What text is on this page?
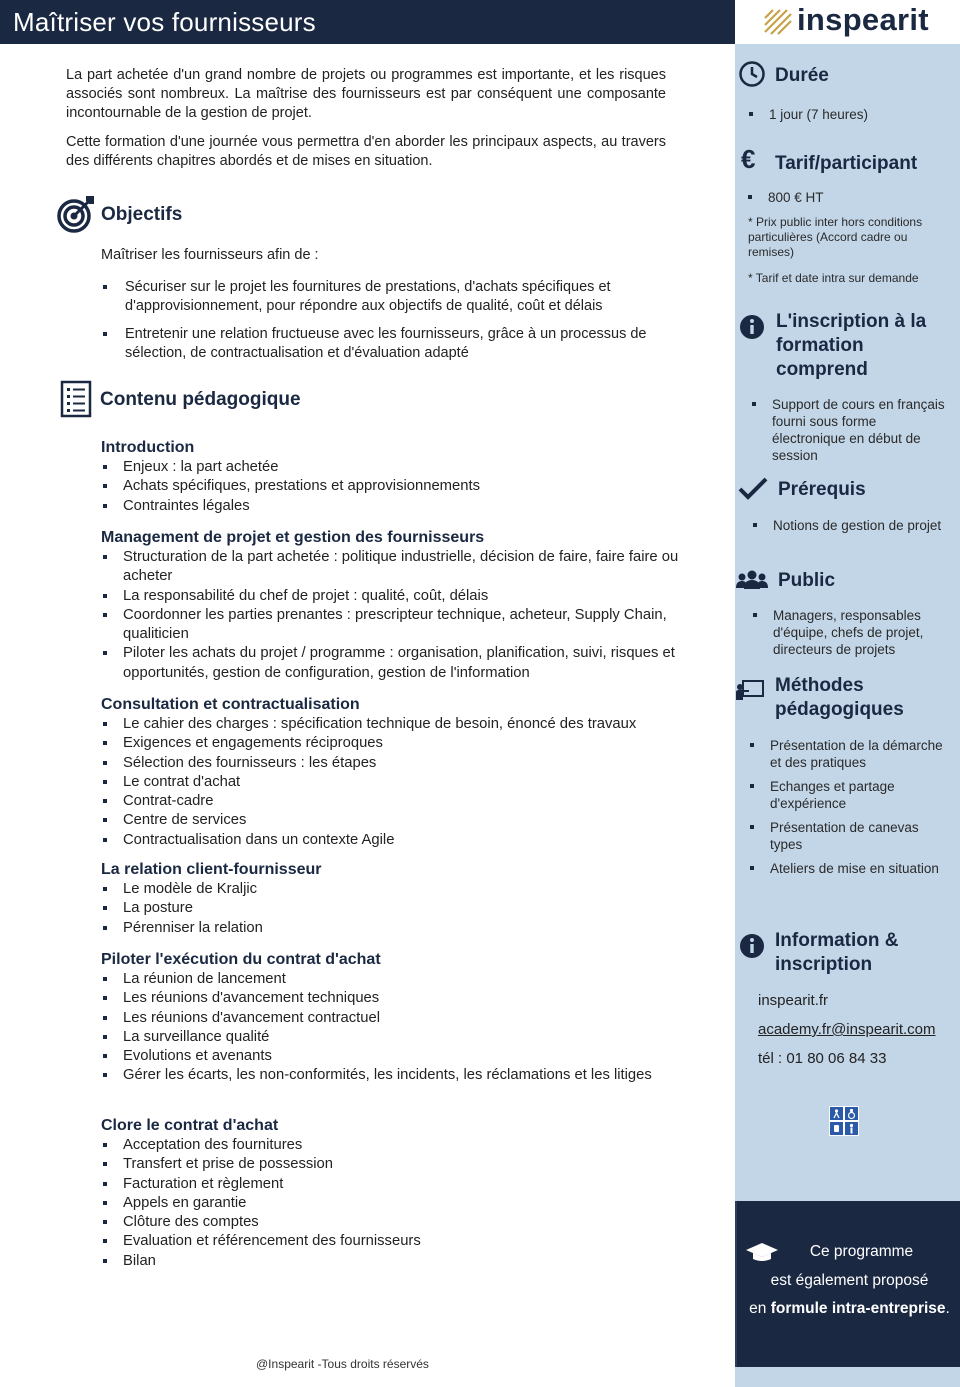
Maîtriser vos fournisseurs	inspearit

La part achetée d'un grand nombre de projets ou programmes est importante, et les risques associés sont nombreux. La maîtrise des fournisseurs est par conséquent une composante incontournable de la gestion de projet.

Cette formation d'une journée vous permettra d'en aborder les principaux aspects, au travers des différents chapitres abordés et de mises en situation.

Objectifs
Maîtriser les fournisseurs afin de :
Sécuriser sur le projet les fournitures de prestations, d'achats spécifiques et d'approvisionnement, pour répondre aux objectifs de qualité, coût et délais
Entretenir une relation fructueuse avec les fournisseurs, grâce à un processus de sélection, de contractualisation et d'évaluation adapté
Contenu pédagogique
Introduction
Enjeux : la part achetée
Achats spécifiques, prestations et approvisionnements
Contraintes légales
Management de projet et gestion des fournisseurs
Structuration de la part achetée : politique industrielle, décision de faire, faire faire ou acheter
La responsabilité du chef de projet : qualité, coût, délais
Coordonner les parties prenantes : prescripteur technique, acheteur, Supply Chain, qualiticien
Piloter les achats du projet / programme : organisation, planification, suivi, risques et opportunités, gestion de configuration, gestion de l'information
Consultation et contractualisation
Le cahier des charges : spécification technique de besoin, énoncé des travaux
Exigences et engagements réciproques
Sélection des fournisseurs : les étapes
Le contrat d'achat
Contrat-cadre
Centre de services
Contractualisation dans un contexte Agile
La relation client-fournisseur
Le modèle de Kraljic
La posture
Pérenniser la relation
Piloter l'exécution du contrat d'achat
La réunion de lancement
Les réunions d'avancement techniques
Les réunions d'avancement contractuel
La surveillance qualité
Evolutions et avenants
Gérer les écarts, les non-conformités, les incidents, les réclamations et les litiges
Clore le contrat d'achat
Acceptation des fournitures
Transfert et prise de possession
Facturation et règlement
Appels en garantie
Clôture des comptes
Evaluation et référencement des fournisseurs
Bilan
@Inspearit -Tous droits réservés
Durée
1 jour (7 heures)
€ Tarif/participant
800 € HT
* Prix public inter hors conditions particulières (Accord cadre ou remises)
* Tarif et date intra sur demande
L'inscription à la formation comprend
Support de cours en français fourni sous forme électronique en début de session
Prérequis
Notions de gestion de projet
Public
Managers, responsables d'équipe, chefs de projet, directeurs de projets
Méthodes pédagogiques
Présentation de la démarche et des pratiques
Echanges et partage d'expérience
Présentation de canevas types
Ateliers de mise en situation
Information & inscription
inspearit.fr
academy.fr@inspearit.com
tél : 01 80 06 84 33

Ce programme

est également proposé

en formule intra-entreprise.
